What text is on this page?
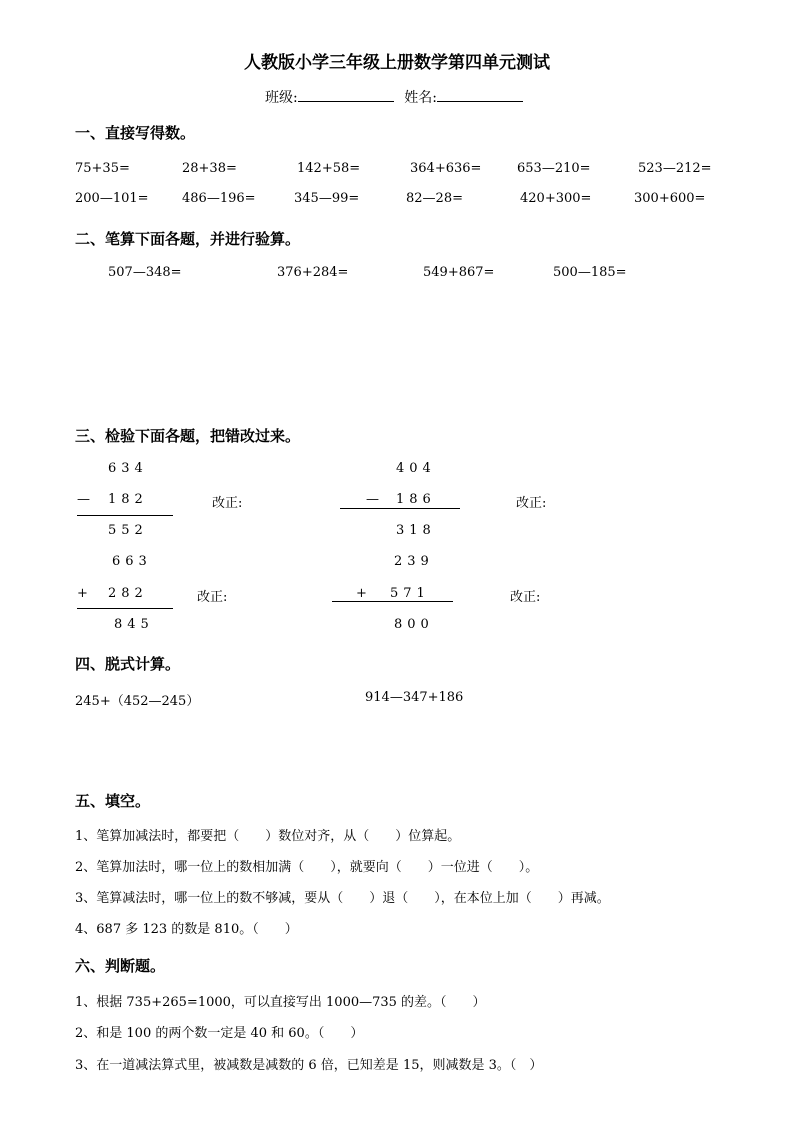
人教版小学三年级上册数学第四单元测试
班级:	姓名:
一、直接写得数。
75+35=	28+38=	142+58=	364+636=	653—210=	523—212=
200—101=	486—196=	345—99=	82—28=	420+300=	300+600=
二、笔算下面各题，并进行验算。
507—348=	376+284=	549+867=	500—185=
三、检验下面各题，把错改过来。
634
— 182
552
改正:
404
— 186
318
改正:
663
+ 282
845
改正:
239
+ 571
800
改正:
四、脱式计算。
245+（452—245）	914—347+186
五、填空。
1、笔算加减法时，都要把（　　）数位对齐，从（　　）位算起。
2、笔算加法时，哪一位上的数相加满（　　），就要向（　　）一位进（　　）。
3、笔算减法时，哪一位上的数不够减，要从（　　）退（　　），在本位上加（　　）再减。
4、687 多 123 的数是 810。（　　）
六、判断题。
1、根据 735+265=1000，可以直接写出 1000—735 的差。（　　）
2、和是 100 的两个数一定是 40 和 60。（　　）
3、在一道减法算式里，被减数是减数的 6 倍，已知差是 15，则减数是 3。（　）
